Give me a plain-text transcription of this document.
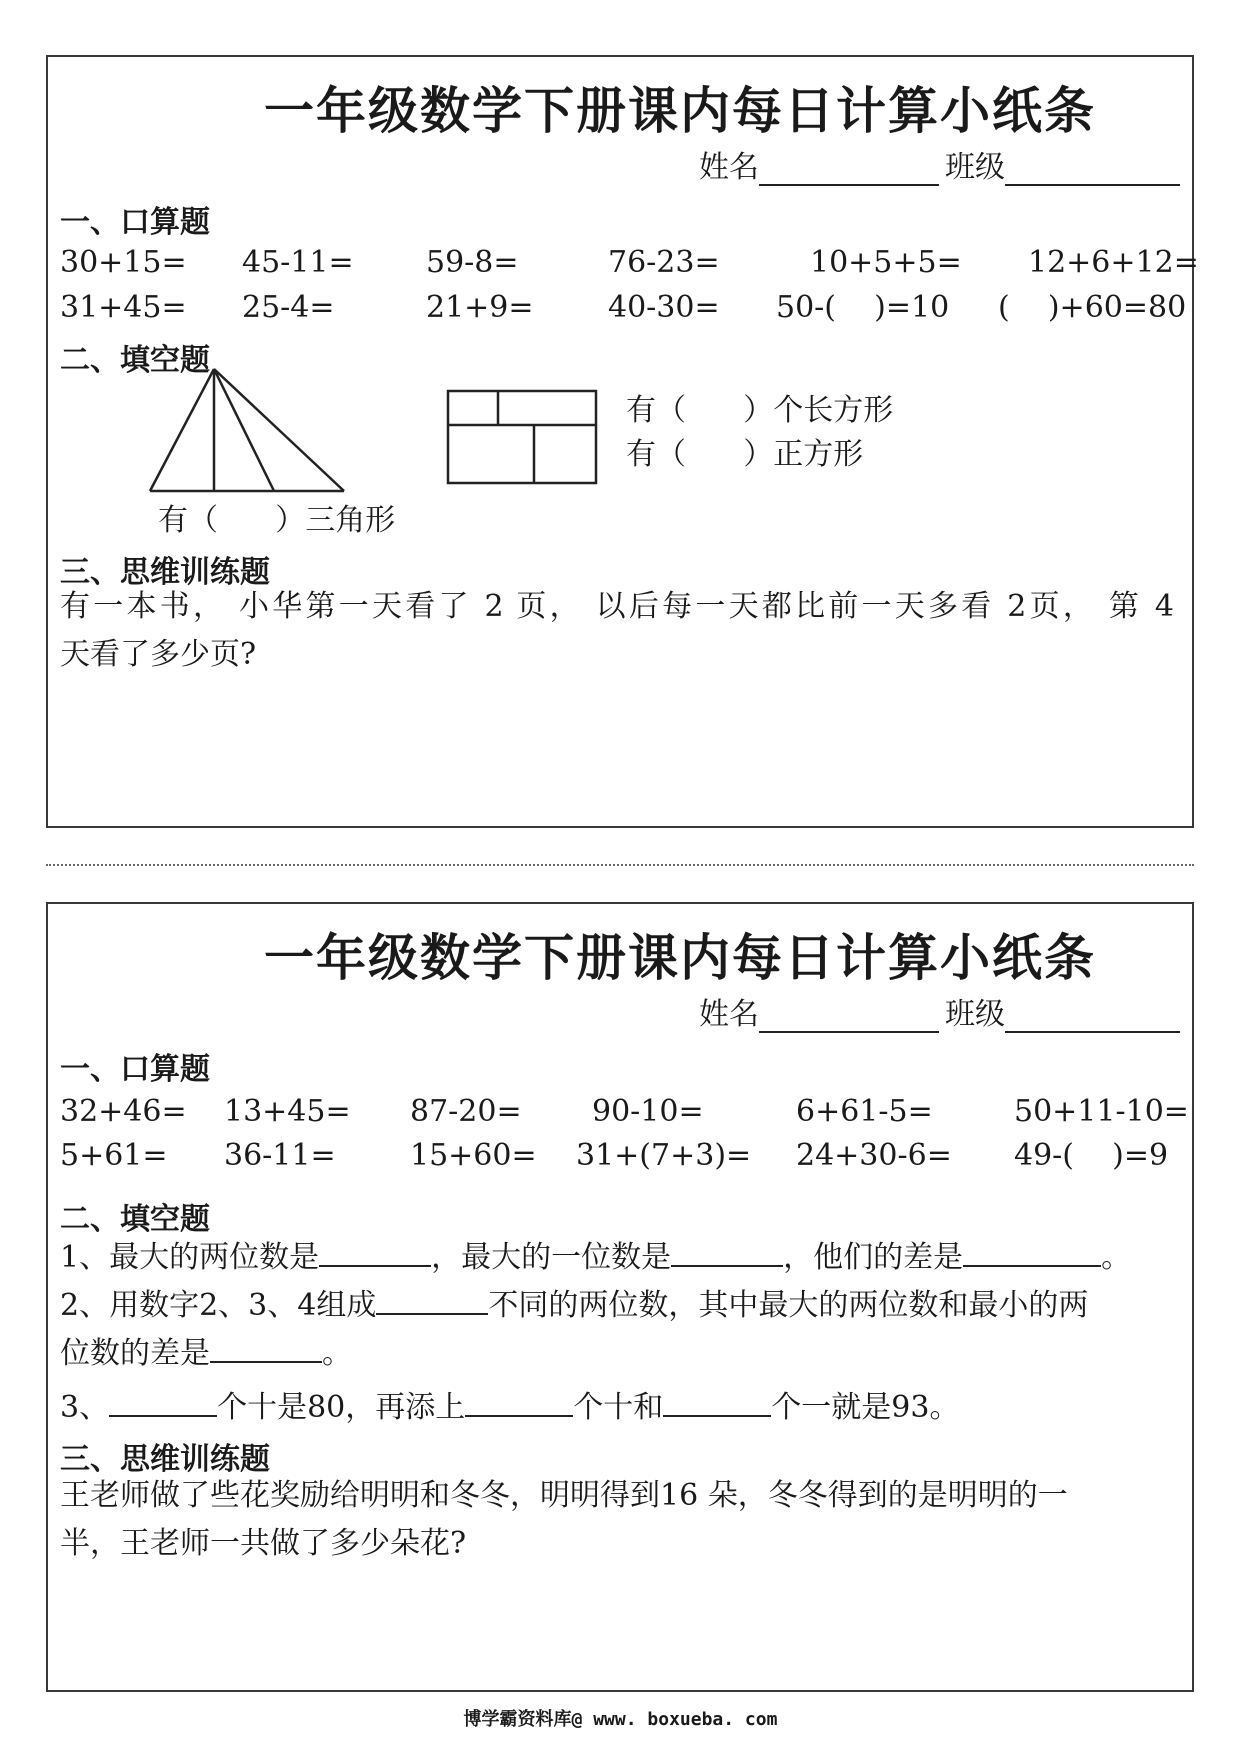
一年级数学下册课内每日计算小纸条
姓名	班级
一、口算题
30+15= 45-11= 59-8=	76-23=	10+5+5= 12+6+12=
31+45= 25-4=	21+9= 40-30= 50-(    )=10 (    )+60=80
二、填空题
有（      ）三角形
有（      ）个长方形
有（      ）正方形
三、思维训练题
有一本书， 小华第一天看了 2 页， 以后每一天都比前一天多看 2页， 第 4
天看了多少页?
一年级数学下册课内每日计算小纸条
姓名	班级
一、口算题
32+46= 13+45= 87-20= 90-10=	6+61-5=	50+11-10=
5+61= 36-11= 15+60= 31+(7+3)= 24+30-6= 49-(    )=9
二、填空题
1、最大的两位数是	，最大的一位数是	，他们的差是	。
2、用数字2、3、4组成	不同的两位数，其中最大的两位数和最小的两
位数的差是	。
3、	个十是80，再添上	个十和	个一就是93。
三、思维训练题
王老师做了些花奖励给明明和冬冬，明明得到16 朵，冬冬得到的是明明的一
半，王老师一共做了多少朵花?
博学霸资料库@ www. boxueba. com
